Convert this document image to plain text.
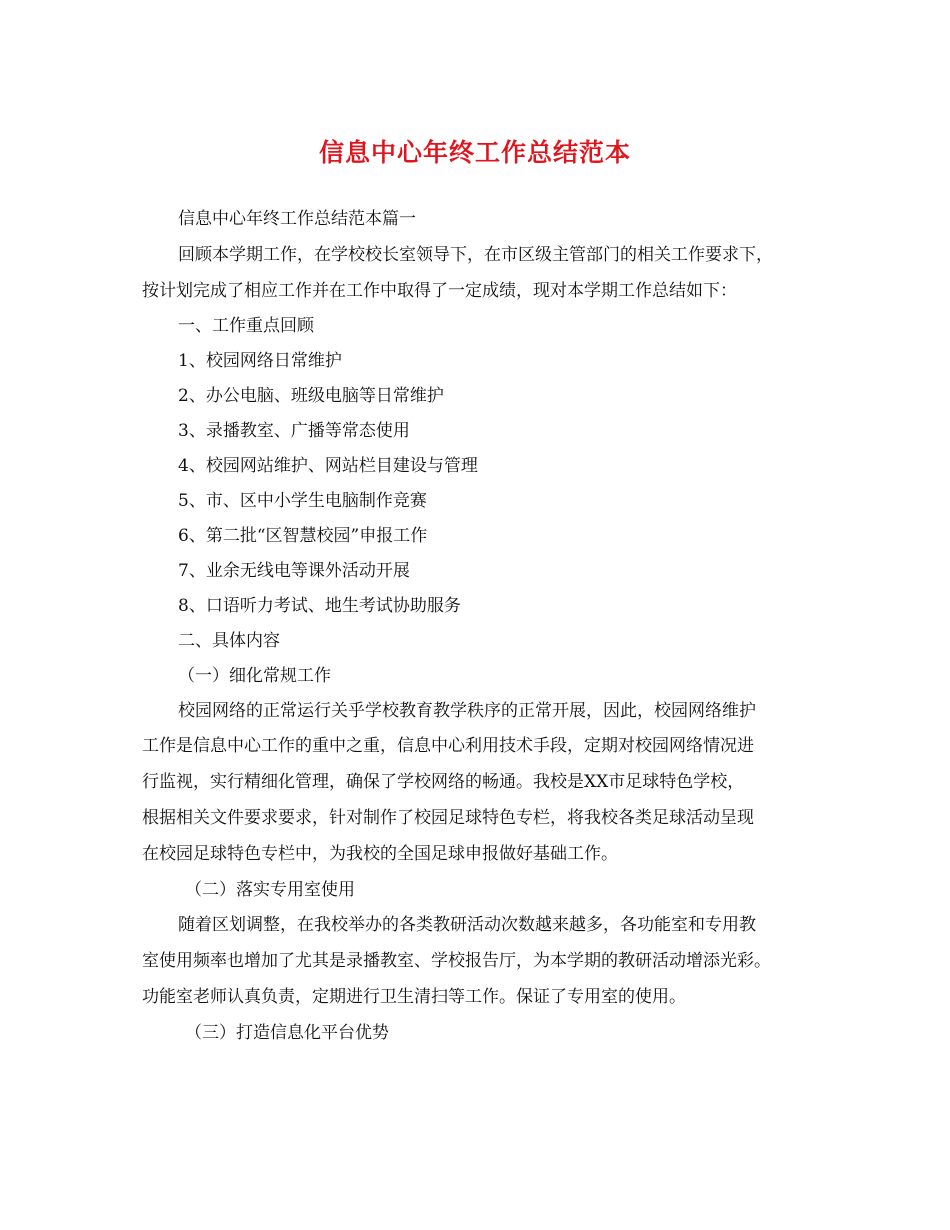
信息中心年终工作总结范本
信息中心年终工作总结范本篇一
回顾本学期工作，在学校校长室领导下，在市区级主管部门的相关工作要求下，
按计划完成了相应工作并在工作中取得了一定成绩，现对本学期工作总结如下：
一、工作重点回顾
1、校园网络日常维护
2、办公电脑、班级电脑等日常维护
3、录播教室、广播等常态使用
4、校园网站维护、网站栏目建设与管理
5、市、区中小学生电脑制作竞赛
6、第二批“区智慧校园”申报工作
7、业余无线电等课外活动开展
8、口语听力考试、地生考试协助服务
二、具体内容
（一）细化常规工作
校园网络的正常运行关乎学校教育教学秩序的正常开展，因此，校园网络维护
工作是信息中心工作的重中之重，信息中心利用技术手段，定期对校园网络情况进
行监视，实行精细化管理，确保了学校网络的畅通。我校是XX市足球特色学校，
根据相关文件要求要求，针对制作了校园足球特色专栏，将我校各类足球活动呈现
在校园足球特色专栏中，为我校的全国足球申报做好基础工作。
（二）落实专用室使用
随着区划调整，在我校举办的各类教研活动次数越来越多，各功能室和专用教
室使用频率也增加了尤其是录播教室、学校报告厅，为本学期的教研活动增添光彩。
功能室老师认真负责，定期进行卫生清扫等工作。保证了专用室的使用。
（三）打造信息化平台优势
